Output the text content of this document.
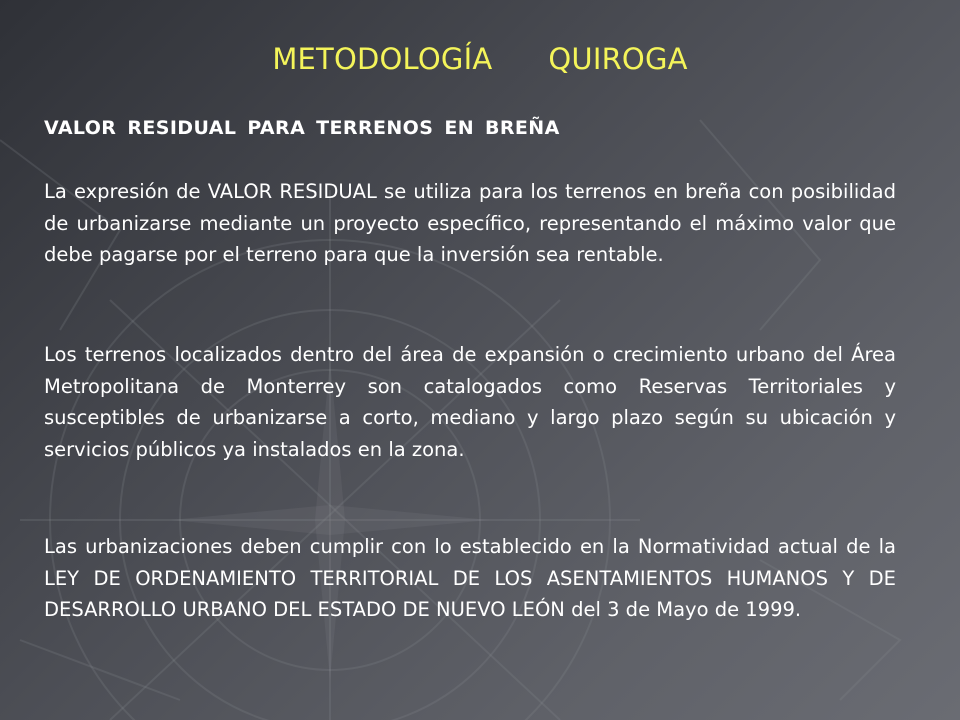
METODOLOGÍA QUIROGA
VALOR RESIDUAL PARA TERRENOS EN BREÑA

La expresión de VALOR RESIDUAL se utiliza para los terrenos en breña con posibilidad de urbanizarse mediante un proyecto específico, representando el máximo valor que debe pagarse por el terreno para que la inversión sea rentable.

Los terrenos localizados dentro del área de expansión o crecimiento urbano del Área Metropolitana de Monterrey son catalogados como Reservas Territoriales y susceptibles de urbanizarse a corto, mediano y largo plazo según su ubicación y servicios públicos ya instalados en la zona.

Las urbanizaciones deben cumplir con lo establecido en la Normatividad actual de la LEY DE ORDENAMIENTO TERRITORIAL DE LOS ASENTAMIENTOS HUMANOS Y DE DESARROLLO URBANO DEL ESTADO DE NUEVO LEÓN del 3 de Mayo de 1999.
